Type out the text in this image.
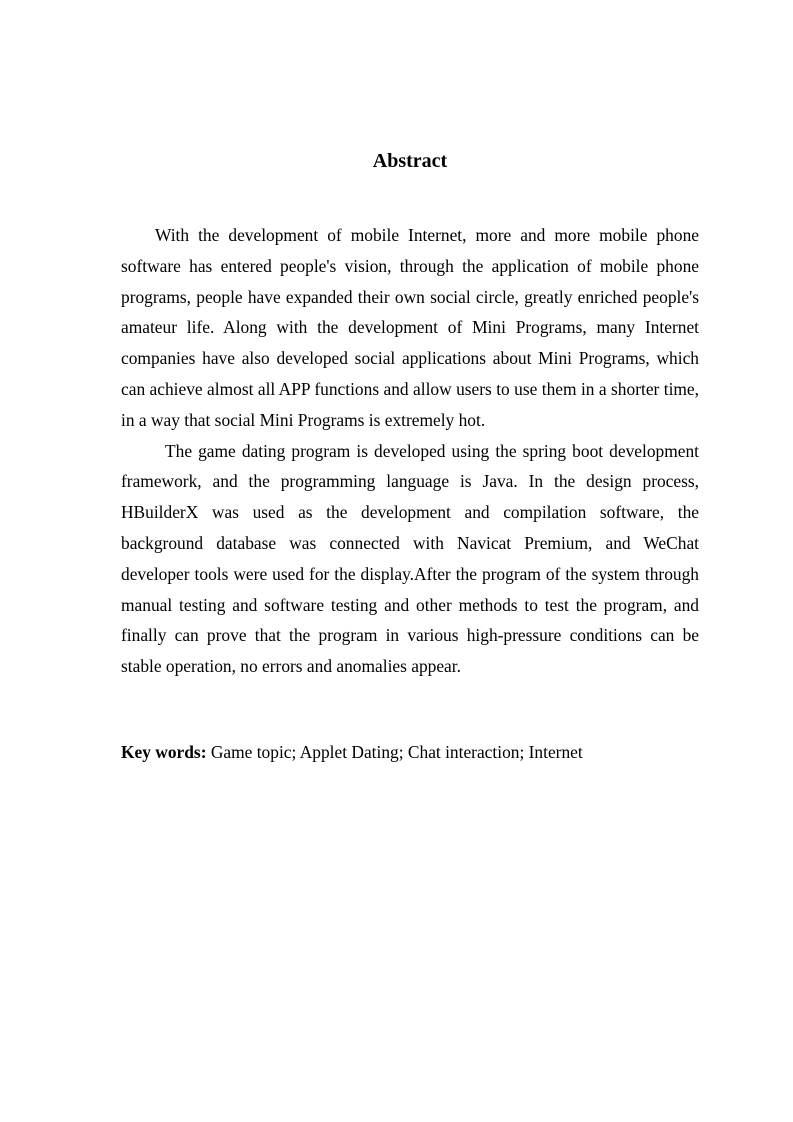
Abstract

With the development of mobile Internet, more and more mobile phone software has entered people's vision, through the application of mobile phone programs, people have expanded their own social circle, greatly enriched people's amateur life. Along with the development of Mini Programs, many Internet companies have also developed social applications about Mini Programs, which can achieve almost all APP functions and allow users to use them in a shorter time, in a way that social Mini Programs is extremely hot.

The game dating program is developed using the spring boot development framework, and the programming language is Java. In the design process, HBuilderX was used as the development and compilation software, the background database was connected with Navicat Premium, and WeChat developer tools were used for the display.After the program of the system through manual testing and software testing and other methods to test the program, and finally can prove that the program in various high-pressure conditions can be stable operation, no errors and anomalies appear.

Key words: Game topic; Applet Dating; Chat interaction; Internet
